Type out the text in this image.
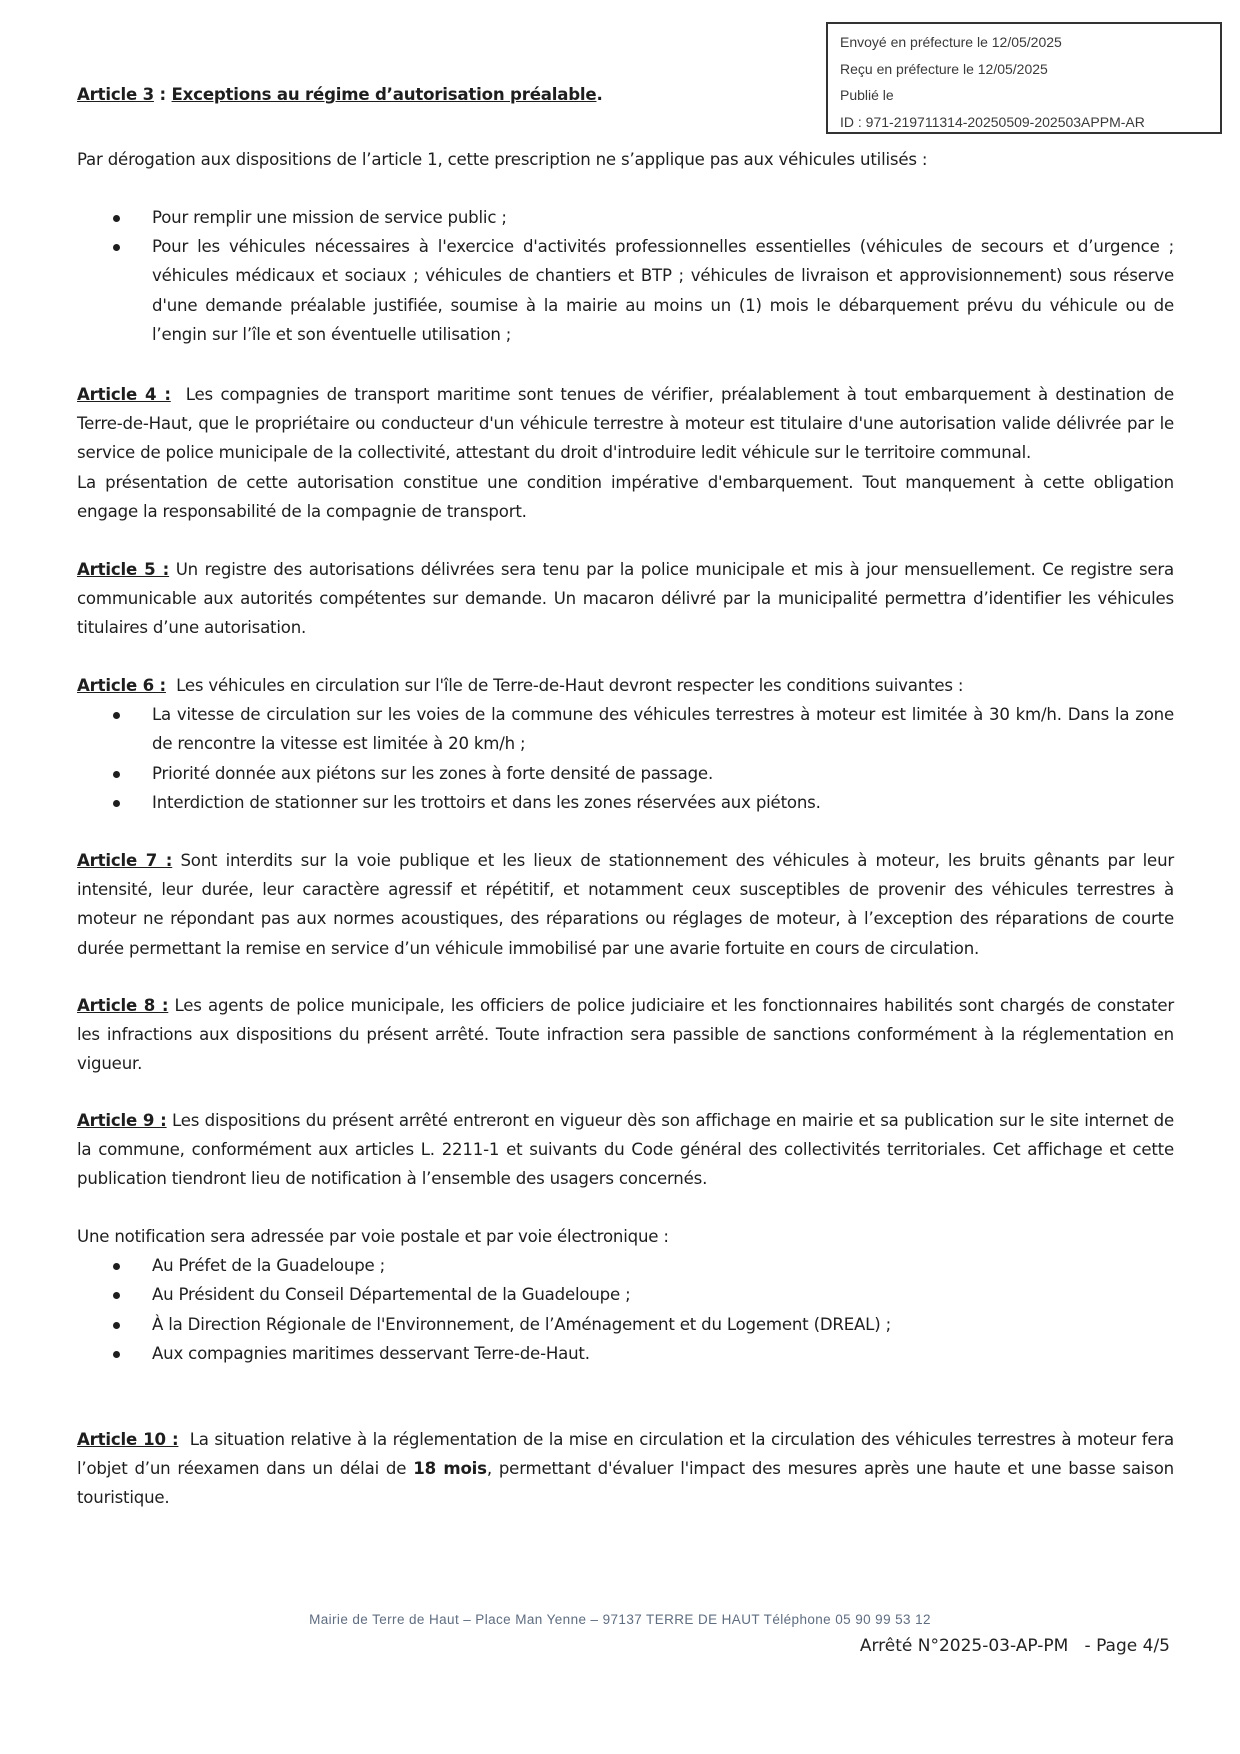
Envoyé en préfecture le 12/05/2025
Reçu en préfecture le 12/05/2025
Publié le
ID : 971-219711314-20250509-202503APPM-AR

Article 3 : Exceptions au régime d’autorisation préalable.

Par dérogation aux dispositions de l’article 1, cette prescription ne s’applique pas aux véhicules utilisés :

Pour remplir une mission de service public ;
Pour les véhicules nécessaires à l'exercice d'activités professionnelles essentielles (véhicules de secours et d’urgence ; véhicules médicaux et sociaux ; véhicules de chantiers et BTP ; véhicules de livraison et approvisionnement) sous réserve d'une demande préalable justifiée, soumise à la mairie au moins un (1) mois le débarquement prévu du véhicule ou de l’engin sur l’île et son éventuelle utilisation ;

Article 4 : Les compagnies de transport maritime sont tenues de vérifier, préalablement à tout embarquement à destination de Terre-de-Haut, que le propriétaire ou conducteur d'un véhicule terrestre à moteur est titulaire d'une autorisation valide délivrée par le service de police municipale de la collectivité, attestant du droit d'introduire ledit véhicule sur le territoire communal.

La présentation de cette autorisation constitue une condition impérative d'embarquement. Tout manquement à cette obligation engage la responsabilité de la compagnie de transport.

Article 5 : Un registre des autorisations délivrées sera tenu par la police municipale et mis à jour mensuellement. Ce registre sera communicable aux autorités compétentes sur demande. Un macaron délivré par la municipalité permettra d’identifier les véhicules titulaires d’une autorisation.

Article 6 : Les véhicules en circulation sur l'île de Terre-de-Haut devront respecter les conditions suivantes :

La vitesse de circulation sur les voies de la commune des véhicules terrestres à moteur est limitée à 30 km/h. Dans la zone de rencontre la vitesse est limitée à 20 km/h ;
Priorité donnée aux piétons sur les zones à forte densité de passage.
Interdiction de stationner sur les trottoirs et dans les zones réservées aux piétons.

Article 7 : Sont interdits sur la voie publique et les lieux de stationnement des véhicules à moteur, les bruits gênants par leur intensité, leur durée, leur caractère agressif et répétitif, et notamment ceux susceptibles de provenir des véhicules terrestres à moteur ne répondant pas aux normes acoustiques, des réparations ou réglages de moteur, à l’exception des réparations de courte durée permettant la remise en service d’un véhicule immobilisé par une avarie fortuite en cours de circulation.

Article 8 : Les agents de police municipale, les officiers de police judiciaire et les fonctionnaires habilités sont chargés de constater les infractions aux dispositions du présent arrêté. Toute infraction sera passible de sanctions conformément à la réglementation en vigueur.

Article 9 : Les dispositions du présent arrêté entreront en vigueur dès son affichage en mairie et sa publication sur le site internet de la commune, conformément aux articles L. 2211-1 et suivants du Code général des collectivités territoriales. Cet affichage et cette publication tiendront lieu de notification à l’ensemble des usagers concernés.

Une notification sera adressée par voie postale et par voie électronique :

Au Préfet de la Guadeloupe ;
Au Président du Conseil Départemental de la Guadeloupe ;
À la Direction Régionale de l'Environnement, de l’Aménagement et du Logement (DREAL) ;
Aux compagnies maritimes desservant Terre-de-Haut.

Article 10 : La situation relative à la réglementation de la mise en circulation et la circulation des véhicules terrestres à moteur fera l’objet d’un réexamen dans un délai de 18 mois, permettant d'évaluer l'impact des mesures après une haute et une basse saison touristique.

Mairie de Terre de Haut – Place Man Yenne – 97137 TERRE DE HAUT Téléphone 05 90 99 53 12
Arrêté N°2025-03-AP-PM   - Page 4/5
